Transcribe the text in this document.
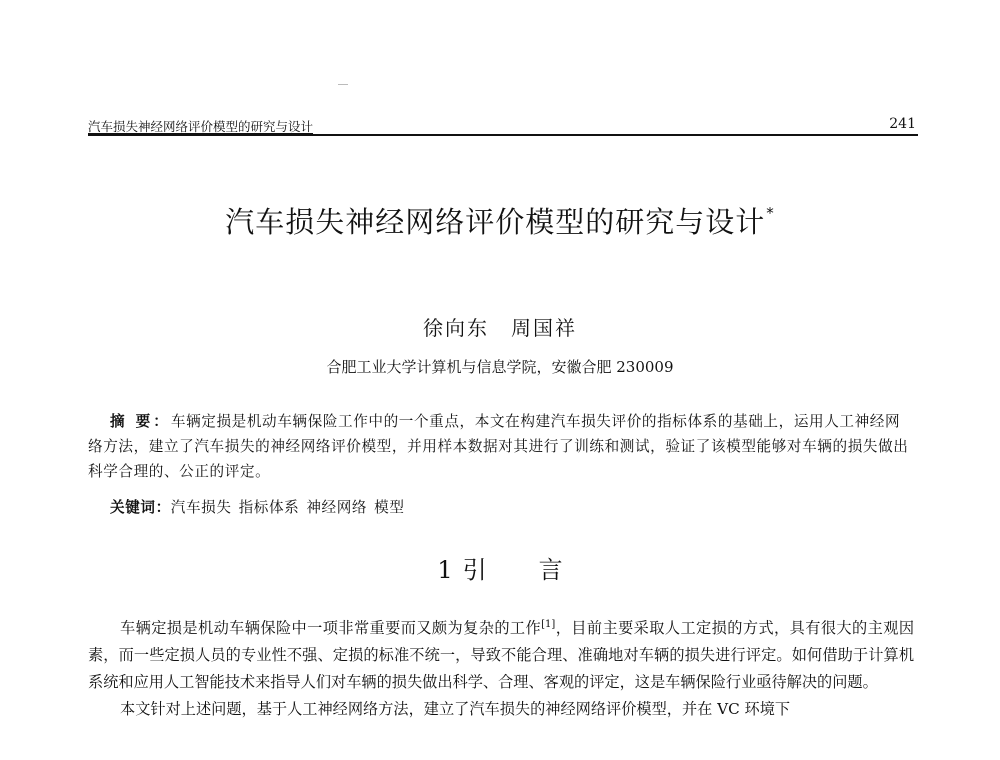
汽车损失神经网络评价模型的研究与设计	241
汽车损失神经网络评价模型的研究与设计*
徐向东 周国祥
合肥工业大学计算机与信息学院，安徽合肥 230009

摘 要：车辆定损是机动车辆保险工作中的一个重点，本文在构建汽车损失评价的指标体系的基础上，运用人工神经网络方法，建立了汽车损失的神经网络评价模型，并用样本数据对其进行了训练和测试，验证了该模型能够对车辆的损失做出科学合理的、公正的评定。

关键词：汽车损失 指标体系 神经网络 模型
1 引 言

车辆定损是机动车辆保险中一项非常重要而又颇为复杂的工作[1]，目前主要采取人工定损的方式，具有很大的主观因素，而一些定损人员的专业性不强、定损的标准不统一，导致不能合理、准确地对车辆的损失进行评定。如何借助于计算机系统和应用人工智能技术来指导人们对车辆的损失做出科学、合理、客观的评定，这是车辆保险行业亟待解决的问题。

本文针对上述问题，基于人工神经网络方法，建立了汽车损失的神经网络评价模型，并在 VC 环境下
